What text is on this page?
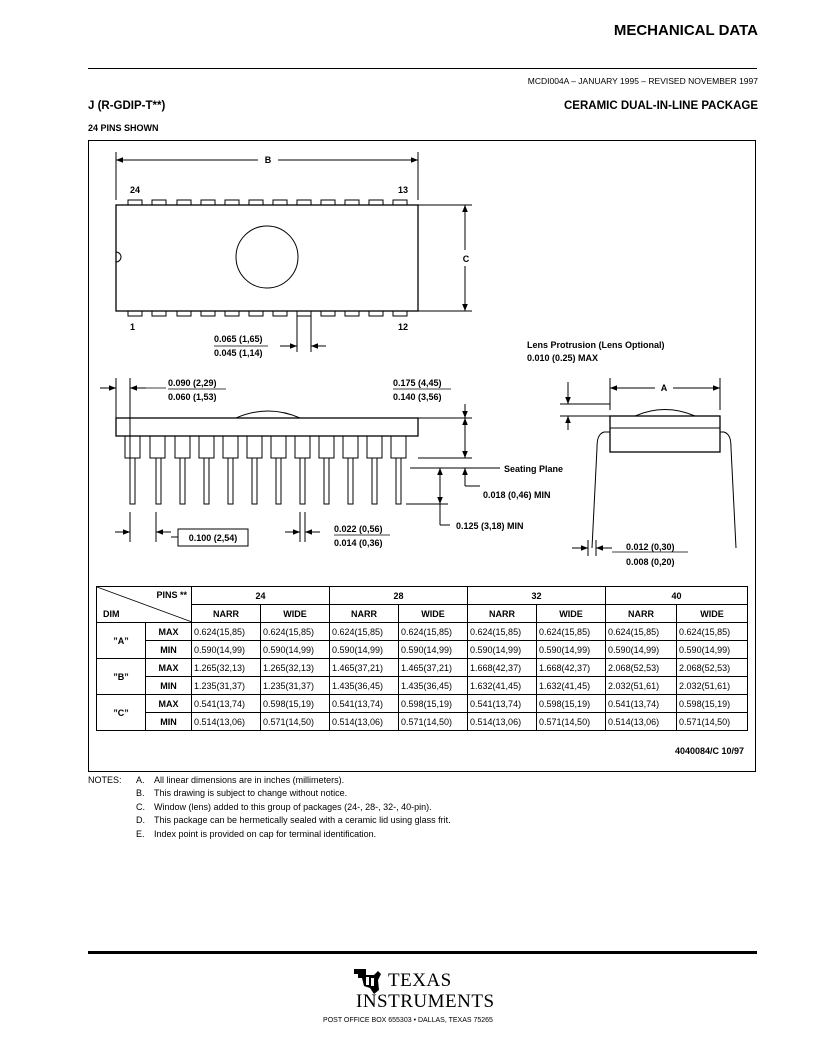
MECHANICAL DATA
MCDI004A – JANUARY 1995 – REVISED NOVEMBER 1997
J (R-GDIP-T**)	CERAMIC DUAL-IN-LINE PACKAGE
24 PINS SHOWN
B
C
24	13
1	12
0.065 (1,65)
0.045 (1,14)
0.090 (2,29)
0.060 (1,53)
0.175 (4,45)
0.140 (3,56)
Seating Plane
0.018 (0,46) MIN
0.125 (3,18) MIN
0.100 (2,54)
0.022 (0,56)
0.014 (0,36)
A
Lens Protrusion (Lens Optional)
0.010 (0.25) MAX
0.012 (0,30)
0.008 (0,20)
PINS **
DIM		24		28		32		40	
		NARR	WIDE	NARR	WIDE	NARR	WIDE	NARR	WIDE
”A”	MAX	0.624(15,85)	0.624(15,85)	0.624(15,85)	0.624(15,85)	0.624(15,85)	0.624(15,85)	0.624(15,85)	0.624(15,85)
	MIN	0.590(14,99)	0.590(14,99)	0.590(14,99)	0.590(14,99)	0.590(14,99)	0.590(14,99)	0.590(14,99)	0.590(14,99)
”B”	MAX	1.265(32,13)	1.265(32,13)	1.465(37,21)	1.465(37,21)	1.668(42,37)	1.668(42,37)	2.068(52,53)	2.068(52,53)
	MIN	1.235(31,37)	1.235(31,37)	1.435(36,45)	1.435(36,45)	1.632(41,45)	1.632(41,45)	2.032(51,61)	2.032(51,61)
”C”	MAX	0.541(13,74)	0.598(15,19)	0.541(13,74)	0.598(15,19)	0.541(13,74)	0.598(15,19)	0.541(13,74)	0.598(15,19)
	MIN	0.514(13,06)	0.571(14,50)	0.514(13,06)	0.571(14,50)	0.514(13,06)	0.571(14,50)	0.514(13,06)	0.571(14,50)
4040084/C 10/97
NOTES:	A.	All linear dimensions are in inches (millimeters).
B.	This drawing is subject to change without notice.
C.	Window (lens) added to this group of packages (24-, 28-, 32-, 40-pin).
D.	This package can be hermetically sealed with a ceramic lid using glass frit.
E.	Index point is provided on cap for terminal identification.
TEXAS
INSTRUMENTS
POST OFFICE BOX 655303 • DALLAS, TEXAS 75265
